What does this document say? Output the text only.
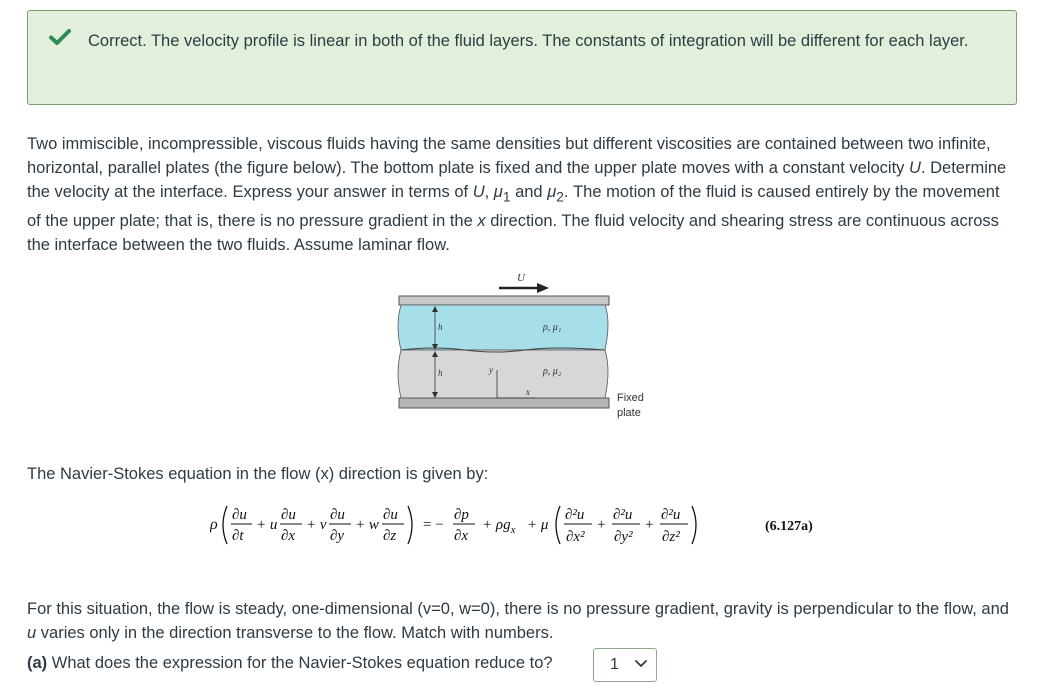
Correct. The velocity profile is linear in both of the fluid layers. The constants of integration will be different for each layer.
Two immiscible, incompressible, viscous fluids having the same densities but different viscosities are contained between two infinite, horizontal, parallel plates (the figure below). The bottom plate is fixed and the upper plate moves with a constant velocity U. Determine the velocity at the interface. Express your answer in terms of U, $\mu_1$ and $\mu_2$. The motion of the fluid is caused entirely by the movement of the upper plate; that is, there is no pressure gradient in the x direction. The fluid velocity and shearing stress are continuous across the interface between the two fluids. Assume laminar flow.
U
h
h
ρ, μ₁
ρ, μ₂
y
x	Fixed
plate
The Navier-Stokes equation in the flow (x) direction is given by:
ρ
∂u
∂t
+ u
∂u
∂x
+ v
∂u
∂y
+ w
∂u
∂z
= −
∂p
∂x
+ $\rho g_x + \mu$
∂²u
∂x²
+
∂²u
∂y²
+
∂²u
∂z²
(6.127a)
For this situation, the flow is steady, one-dimensional (v=0, w=0), there is no pressure gradient, gravity is perpendicular to the flow, and u varies only in the direction transverse to the flow. Match with numbers.
(a) What does the expression for the Navier-Stokes equation reduce to?	1
